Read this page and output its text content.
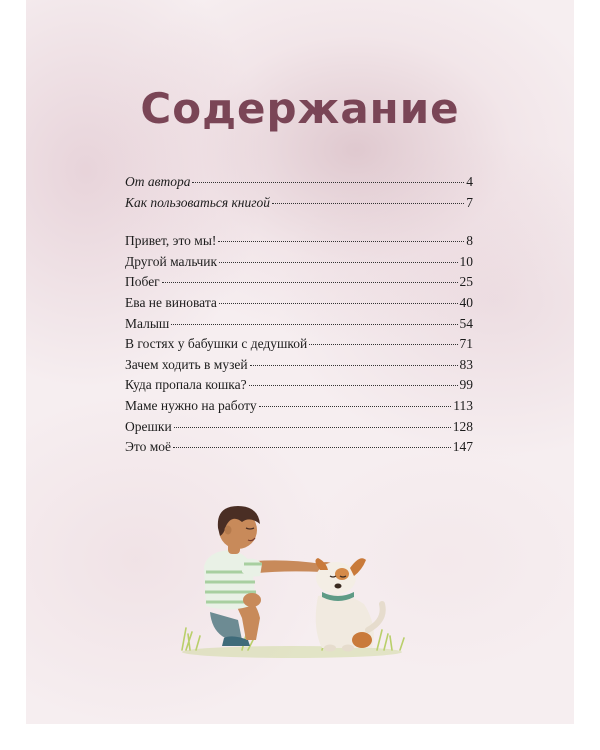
Содержание
От автора	4
Как пользоваться книгой	7
Привет, это мы!	8
Другой мальчик	10
Побег	25
Ева не виновата	40
Малыш	54
В гостях у бабушки с дедушкой	71
Зачем ходить в музей	83
Куда пропала кошка?	99
Маме нужно на работу	113
Орешки	128
Это моё	147
